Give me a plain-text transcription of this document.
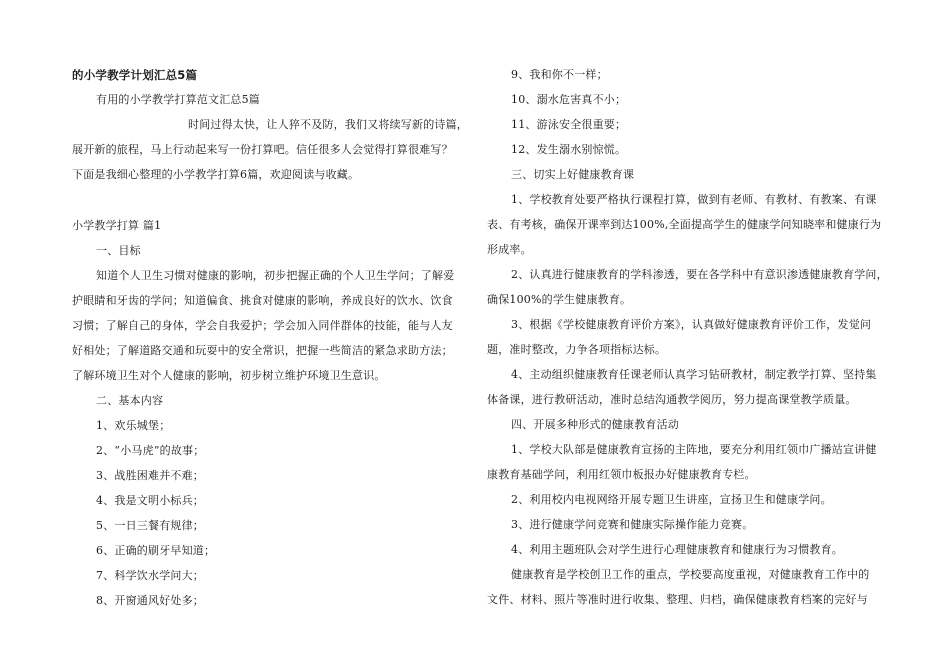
的小学教学计划汇总5篇
有用的小学教学打算范文汇总5篇
时间过得太快，让人猝不及防，我们又将续写新的诗篇，
展开新的旅程，马上行动起来写一份打算吧。信任很多人会觉得打算很难写？
下面是我细心整理的小学教学打算6篇，欢迎阅读与收藏。
小学教学打算 篇1
一、目标
知道个人卫生习惯对健康的影响，初步把握正确的个人卫生学问；了解爱
护眼睛和牙齿的学问；知道偏食、挑食对健康的影响，养成良好的饮水、饮食
习惯；了解自己的身体，学会自我爱护；学会加入同伴群体的技能，能与人友
好相处；了解道路交通和玩耍中的安全常识，把握一些简洁的紧急求助方法；
了解环境卫生对个人健康的影响，初步树立维护环境卫生意识。
二、基本内容
1、欢乐城堡；
2、“小马虎”的故事；
3、战胜困难并不难；
4、我是文明小标兵；
5、一日三餐有规律；
6、正确的刷牙早知道；
7、科学饮水学问大；
8、开窗通风好处多；
9、我和你不一样；
10、溺水危害真不小；
11、游泳安全很重要；
12、发生溺水别惊慌。
三、切实上好健康教育课
1、学校教育处要严格执行课程打算，做到有老师、有教材、有教案、有课
表、有考核，确保开课率到达100%,全面提高学生的健康学问知晓率和健康行为
形成率。
2、认真进行健康教育的学科渗透，要在各学科中有意识渗透健康教育学问，
确保100%的学生健康教育。
3、根据《学校健康教育评价方案》，认真做好健康教育评价工作，发觉问
题，准时整改，力争各项指标达标。
4、主动组织健康教育任课老师认真学习钻研教材，制定教学打算、坚持集
体备课，进行教研活动，准时总结沟通教学阅历，努力提高课堂教学质量。
四、开展多种形式的健康教育活动
1、学校大队部是健康教育宣扬的主阵地，要充分利用红领巾广播站宣讲健
康教育基础学问，利用红领巾板报办好健康教育专栏。
2、利用校内电视网络开展专题卫生讲座，宣扬卫生和健康学问。
3、进行健康学问竞赛和健康实际操作能力竞赛。
4、利用主题班队会对学生进行心理健康教育和健康行为习惯教育。
健康教育是学校创卫工作的重点，学校要高度重视，对健康教育工作中的
文件、材料、照片等准时进行收集、整理、归档，确保健康教育档案的完好与
